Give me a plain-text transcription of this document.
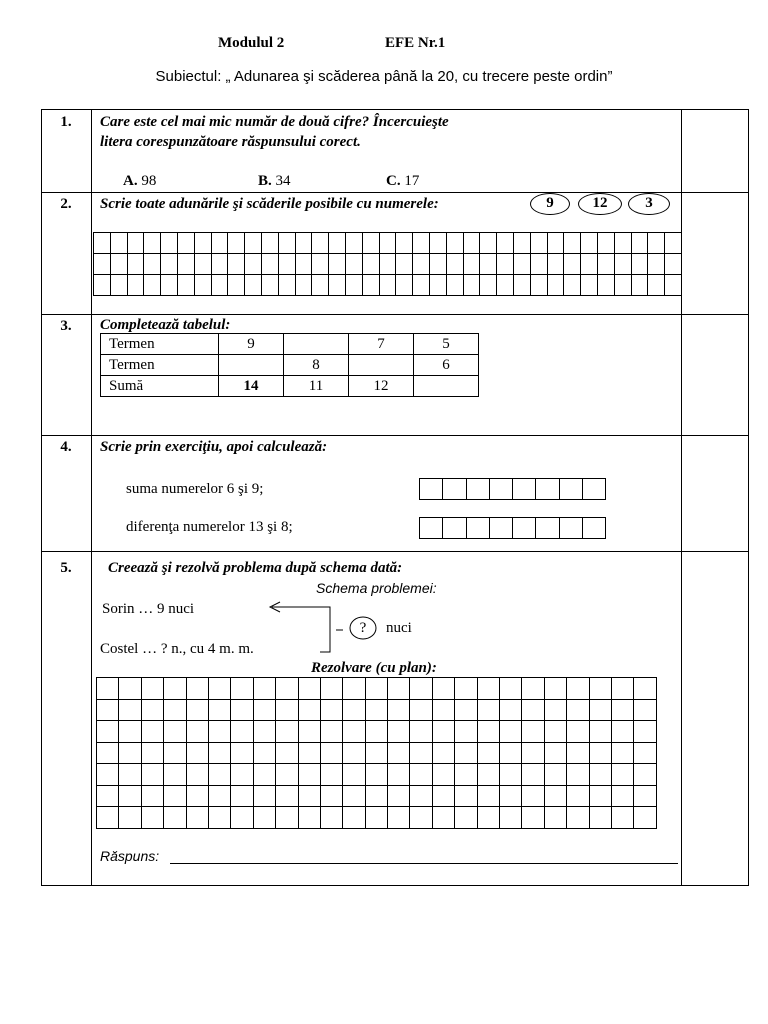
Modulul 2	EFE Nr.1
Subiectul: „ Adunarea şi scăderea până la 20, cu trecere peste ordin”
1.	Care este cel mai mic număr de două cifre? Încercuieşte
litera corespunzătoare răspunsului corect.
A. 98	B. 34	C. 17
2.	Scrie toate adunările şi scăderile posibile cu numerele:	9	12	3
3.	Completează tabelul:
Termen	9		7	5
Termen		8		6
Sumă	14	11	12	
4.	Scrie prin exerciţiu, apoi calculează:
suma numerelor 6 şi 9;
diferenţa numerelor 13 şi 8;
5.	Creează şi rezolvă problema după schema dată:
Schema problemei:
Sorin … 9 nuci
Costel … ? n., cu 4 m. m.
? nuci
Rezolvare (cu plan):
Răspuns:
